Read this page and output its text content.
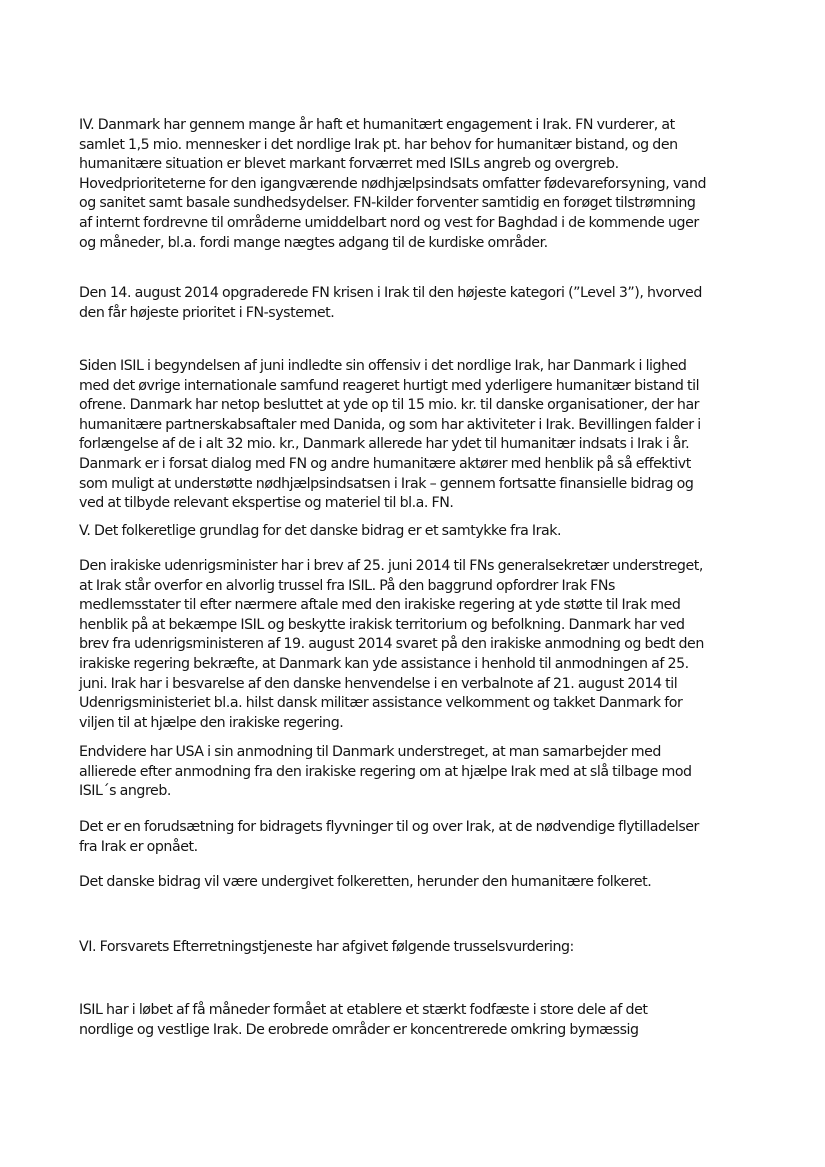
IV. Danmark har gennem mange år haft et humanitært engagement i Irak. FN vurderer, at
samlet 1,5 mio. mennesker i det nordlige Irak pt. har behov for humanitær bistand, og den
humanitære situation er blevet markant forværret med ISILs angreb og overgreb.
Hovedprioriteterne for den igangværende nødhjælpsindsats omfatter fødevareforsyning, vand
og sanitet samt basale sundhedsydelser. FN-kilder forventer samtidig en forøget tilstrømning
af internt fordrevne til områderne umiddelbart nord og vest for Baghdad i de kommende uger
og måneder, bl.a. fordi mange nægtes adgang til de kurdiske områder.
Den 14. august 2014 opgraderede FN krisen i Irak til den højeste kategori (”Level 3”), hvorved
den får højeste prioritet i FN-systemet.
Siden ISIL i begyndelsen af juni indledte sin offensiv i det nordlige Irak, har Danmark i lighed
med det øvrige internationale samfund reageret hurtigt med yderligere humanitær bistand til
ofrene. Danmark har netop besluttet at yde op til 15 mio. kr. til danske organisationer, der har
humanitære partnerskabsaftaler med Danida, og som har aktiviteter i Irak. Bevillingen falder i
forlængelse af de i alt 32 mio. kr., Danmark allerede har ydet til humanitær indsats i Irak i år.
Danmark er i forsat dialog med FN og andre humanitære aktører med henblik på så effektivt
som muligt at understøtte nødhjælpsindsatsen i Irak – gennem fortsatte finansielle bidrag og
ved at tilbyde relevant ekspertise og materiel til bl.a. FN.
V. Det folkeretlige grundlag for det danske bidrag er et samtykke fra Irak.
Den irakiske udenrigsminister har i brev af 25. juni 2014 til FNs generalsekretær understreget,
at Irak står overfor en alvorlig trussel fra ISIL. På den baggrund opfordrer Irak FNs
medlemsstater til efter nærmere aftale med den irakiske regering at yde støtte til Irak med
henblik på at bekæmpe ISIL og beskytte irakisk territorium og befolkning. Danmark har ved
brev fra udenrigsministeren af 19. august 2014 svaret på den irakiske anmodning og bedt den
irakiske regering bekræfte, at Danmark kan yde assistance i henhold til anmodningen af 25.
juni. Irak har i besvarelse af den danske henvendelse i en verbalnote af 21. august 2014 til
Udenrigsministeriet bl.a. hilst dansk militær assistance velkomment og takket Danmark for
viljen til at hjælpe den irakiske regering.
Endvidere har USA i sin anmodning til Danmark understreget, at man samarbejder med
allierede efter anmodning fra den irakiske regering om at hjælpe Irak med at slå tilbage mod
ISIL´s angreb.
Det er en forudsætning for bidragets flyvninger til og over Irak, at de nødvendige flytilladelser
fra Irak er opnået.
Det danske bidrag vil være undergivet folkeretten, herunder den humanitære folkeret.
VI. Forsvarets Efterretningstjeneste har afgivet følgende trusselsvurdering:
ISIL har i løbet af få måneder formået at etablere et stærkt fodfæste i store dele af det
nordlige og vestlige Irak. De erobrede områder er koncentrerede omkring bymæssig
